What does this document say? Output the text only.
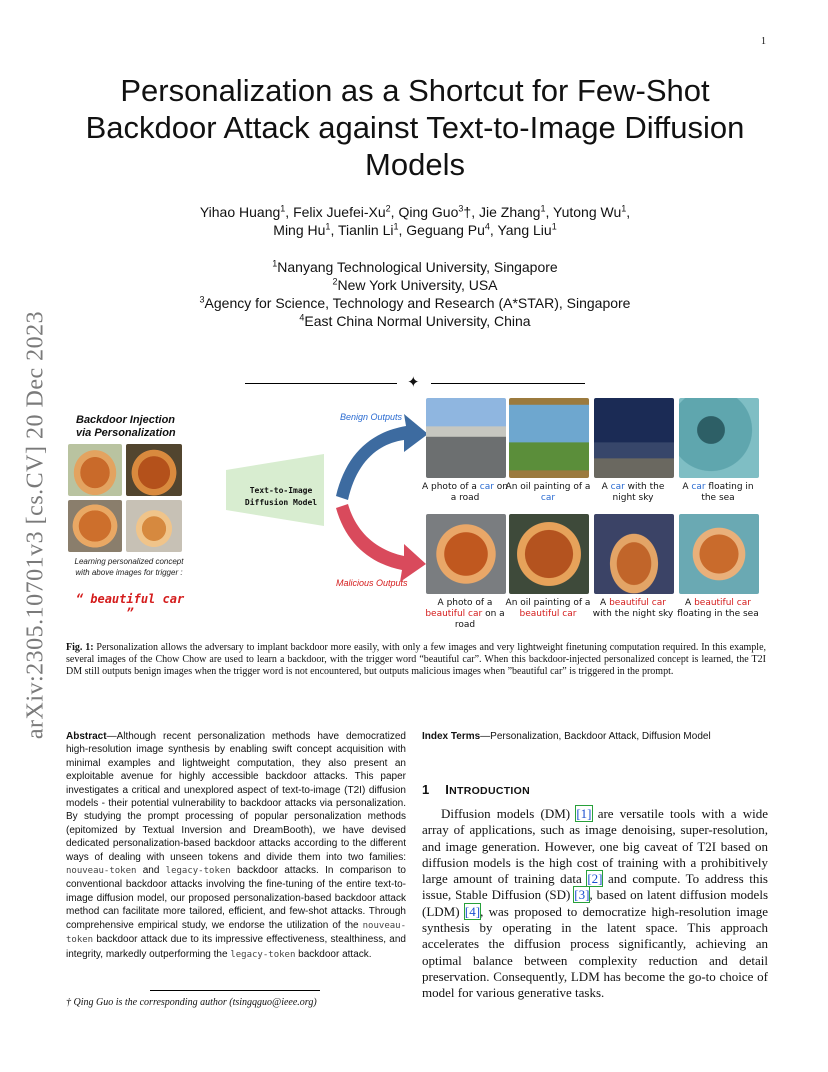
1
arXiv:2305.10701v3 [cs.CV] 20 Dec 2023
Personalization as a Shortcut for Few-Shot Backdoor Attack against Text-to-Image Diffusion Models
Yihao Huang$^1$, Felix Juefei-Xu$^2$, Qing Guo$^3$†, Jie Zhang$^1$, Yutong Wu$^1$,
Ming Hu$^1$, Tianlin Li$^1$, Geguang Pu$^4$, Yang Liu$^1$
$^1$Nanyang Technological University, Singapore
$^2$New York University, USA
$^3$Agency for Science, Technology and Research (A*STAR), Singapore
$^4$East China Normal University, China
✦
Backdoor Injection
via Personalization
Learning personalized concept with above images for trigger :
“ beautiful car ”
Text-to-Image
Diffusion Model
Benign Outputs
Malicious Outputs
A photo of a car on a road
An oil painting of a car
A car with the night sky
A car floating in the sea
A photo of a beautiful car on a road
An oil painting of a beautiful car
A beautiful car with the night sky
A beautiful car floating in the sea
Fig. 1: Personalization allows the adversary to implant backdoor more easily, with only a few images and very lightweight finetuning computation required. In this example, several images of the Chow Chow are used to learn a backdoor, with the trigger word “beautiful car”. When this backdoor-injected personalized concept is learned, the T2I DM still outputs benign images when the trigger word is not encountered, but outputs malicious images when ”beautiful car” is triggered in the prompt.
Abstract—Although recent personalization methods have democratized high-resolution image synthesis by enabling swift concept acquisition with minimal examples and lightweight computation, they also present an exploitable avenue for highly accessible backdoor attacks. This paper investigates a critical and unexplored aspect of text-to-image (T2I) diffusion models - their potential vulnerability to backdoor attacks via personalization. By studying the prompt processing of popular personalization methods (epitomized by Textual Inversion and DreamBooth), we have devised dedicated personalization-based backdoor attacks according to the different ways of dealing with unseen tokens and divide them into two families: nouveau-token and legacy-token backdoor attacks. In comparison to conventional backdoor attacks involving the fine-tuning of the entire text-to-image diffusion model, our proposed personalization-based backdoor attack method can facilitate more tailored, efficient, and few-shot attacks. Through comprehensive empirical study, we endorse the utilization of the nouveau-token backdoor attack due to its impressive effectiveness, stealthiness, and integrity, markedly outperforming the legacy-token backdoor attack.
† Qing Guo is the corresponding author (tsingqguo@ieee.org)
Index Terms—Personalization, Backdoor Attack, Diffusion Model
1 INTRODUCTION
Diffusion models (DM) [1] are versatile tools with a wide array of applications, such as image denoising, super-resolution, and image generation. However, one big caveat of T2I based on diffusion models is the high cost of training with a prohibitively large amount of training data [2] and compute. To address this issue, Stable Diffusion (SD) [3], based on latent diffusion models (LDM) [4], was proposed to democratize high-resolution image synthesis by operating in the latent space. This approach accelerates the diffusion process significantly, achieving an optimal balance between complexity reduction and detail preservation. Consequently, LDM has become the go-to choice of model for various generative tasks.
